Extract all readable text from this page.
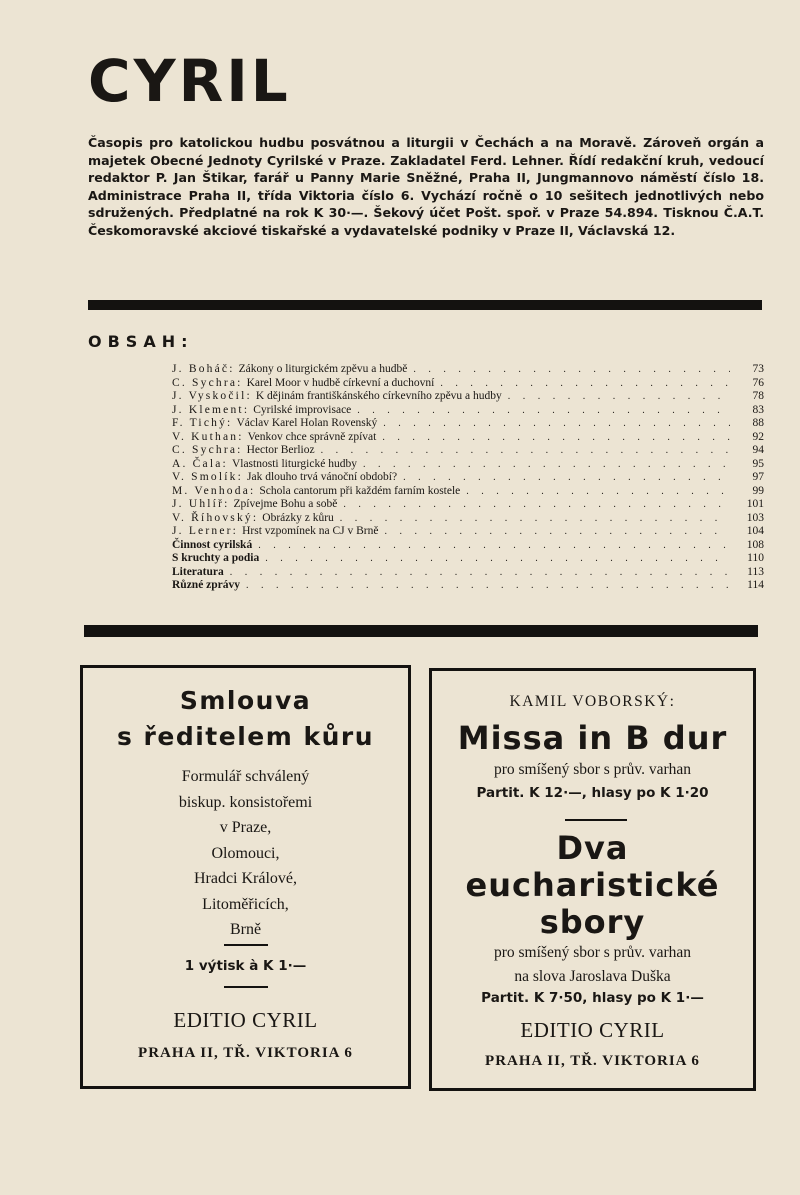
CYRIL

Časopis pro katolickou hudbu posvátnou a liturgii v Čechách a na Moravě. Zároveň orgán a majetek Obecné Jednoty Cyrilské v Praze. Zakladatel Ferd. Lehner. Řídí redakční kruh, vedoucí redaktor P. Jan Štikar, farář u Panny Marie Sněžné, Praha II, Jungmannovo náměstí číslo 18. Administrace Praha II, třída Viktoria číslo 6. Vychází ročně o 10 sešitech jednotlivých nebo sdružených. Předplatné na rok K 30·—. Šekový účet Pošt. spoř. v Praze 54.894. Tisknou Č.A.T. Českomoravské akciové tiskařské a vydavatelské podniky v Praze II, Václavská 12.

OBSAH:
J. Boháč: Zákony o liturgickém zpěvu a hudbě . . .	73
C. Sychra: Karel Moor v hudbě církevní a duchovní . . .	76
J. Vyskočil: K dějinám františkánského církevního zpěvu a hudby . . .	78
J. Klement: Cyrilské improvisace . . .	83
F. Tichý: Václav Karel Holan Rovenský . . .	88
V. Kuthan: Venkov chce správně zpívat . . .	92
C. Sychra: Hector Berlioz . . .	94
A. Čala: Vlastnosti liturgické hudby . . .	95
V. Smolík: Jak dlouho trvá vánoční období? . . .	97
M. Venhoda: Schola cantorum při každém farním kostele . . .	99
J. Uhlíř: Zpívejme Bohu a sobě . . .	101
V. Říhovský: Obrázky z kůru . . .	103
J. Lerner: Hrst vzpomínek na CJ v Brně . . .	104
Činnost cyrilská . . .	108
S kruchty a podia . . .	110
Literatura . . .	113
Různé zprávy . . .	114
Smlouva
s ředitelem kůru
Formulář schválený
biskup. konsistořemi
v Praze,
Olomouci,
Hradci Králové,
Litoměřicích,
Brně
1 výtisk à K 1·—
EDITIO CYRIL
PRAHA II, TŘ. VIKTORIA 6
KAMIL VOBORSKÝ:
Missa in B dur
pro smíšený sbor s prův. varhan
Partit. K 12·—, hlasy po K 1·20
Dva
eucharistické
sbory
pro smíšený sbor s prův. varhan
na slova Jaroslava Duška
Partit. K 7·50, hlasy po K 1·—
EDITIO CYRIL
PRAHA II, TŘ. VIKTORIA 6
